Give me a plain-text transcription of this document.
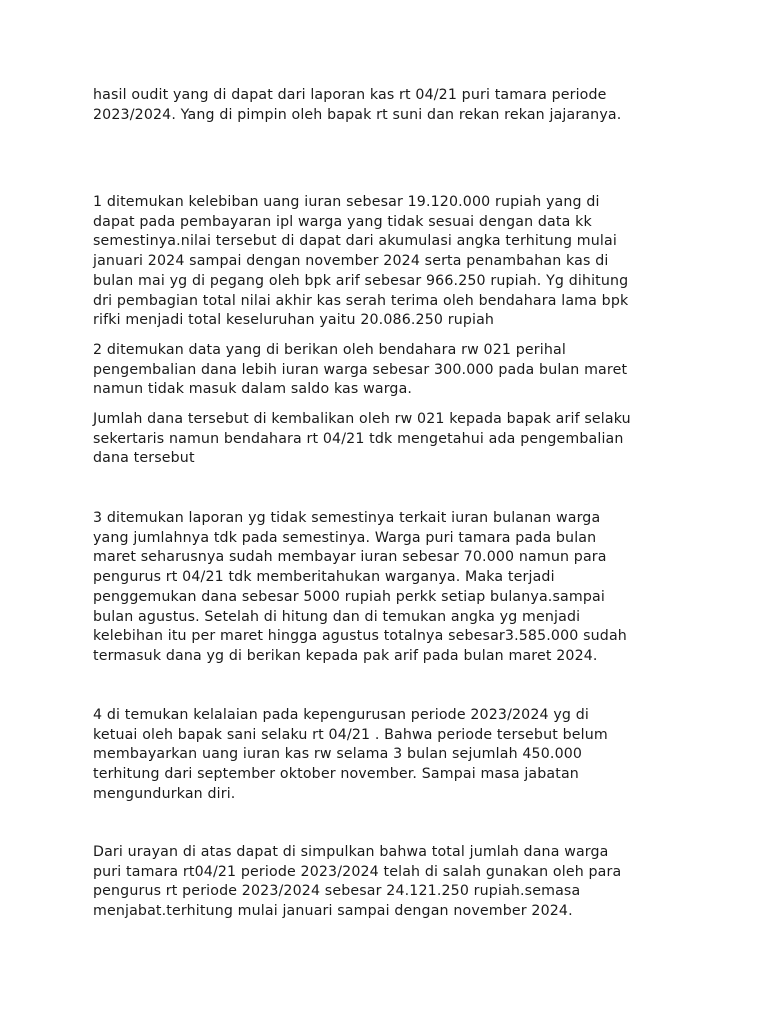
hasil oudit yang di dapat dari laporan kas rt 04/21 puri tamara periode
2023/2024. Yang di pimpin oleh bapak rt suni dan rekan rekan jajaranya.

1 ditemukan kelebiban uang iuran sebesar 19.120.000 rupiah yang di
dapat pada pembayaran ipl warga yang tidak sesuai dengan data kk
semestinya.nilai tersebut di dapat dari akumulasi angka terhitung mulai
januari 2024 sampai dengan november 2024 serta penambahan kas di
bulan mai yg di pegang oleh bpk arif sebesar 966.250 rupiah. Yg dihitung
dri pembagian total nilai akhir kas serah terima oleh bendahara lama bpk
rifki menjadi total keseluruhan yaitu 20.086.250 rupiah

2 ditemukan data yang di berikan oleh bendahara rw 021 perihal
pengembalian dana lebih iuran warga sebesar 300.000 pada bulan maret
namun tidak masuk dalam saldo kas warga.

Jumlah dana tersebut di kembalikan oleh rw 021 kepada bapak arif selaku
sekertaris namun bendahara rt 04/21 tdk mengetahui ada pengembalian
dana tersebut

3 ditemukan laporan yg tidak semestinya terkait iuran bulanan warga
yang jumlahnya tdk pada semestinya. Warga puri tamara pada bulan
maret seharusnya sudah membayar iuran sebesar 70.000 namun para
pengurus rt 04/21 tdk memberitahukan warganya. Maka terjadi
penggemukan dana sebesar 5000 rupiah perkk setiap bulanya.sampai
bulan agustus. Setelah di hitung dan di temukan angka yg menjadi
kelebihan itu per maret hingga agustus totalnya sebesar3.585.000 sudah
termasuk dana yg di berikan kepada pak arif pada bulan maret 2024.

4 di temukan kelalaian pada kepengurusan periode 2023/2024 yg di
ketuai oleh bapak sani selaku rt 04/21 . Bahwa periode tersebut belum
membayarkan uang iuran kas rw selama 3 bulan sejumlah 450.000
terhitung dari september oktober november. Sampai masa jabatan
mengundurkan diri.

Dari urayan di atas dapat di simpulkan bahwa total jumlah dana warga
puri tamara rt04/21 periode 2023/2024 telah di salah gunakan oleh para
pengurus rt periode 2023/2024 sebesar 24.121.250 rupiah.semasa
menjabat.terhitung mulai januari sampai dengan november 2024.
